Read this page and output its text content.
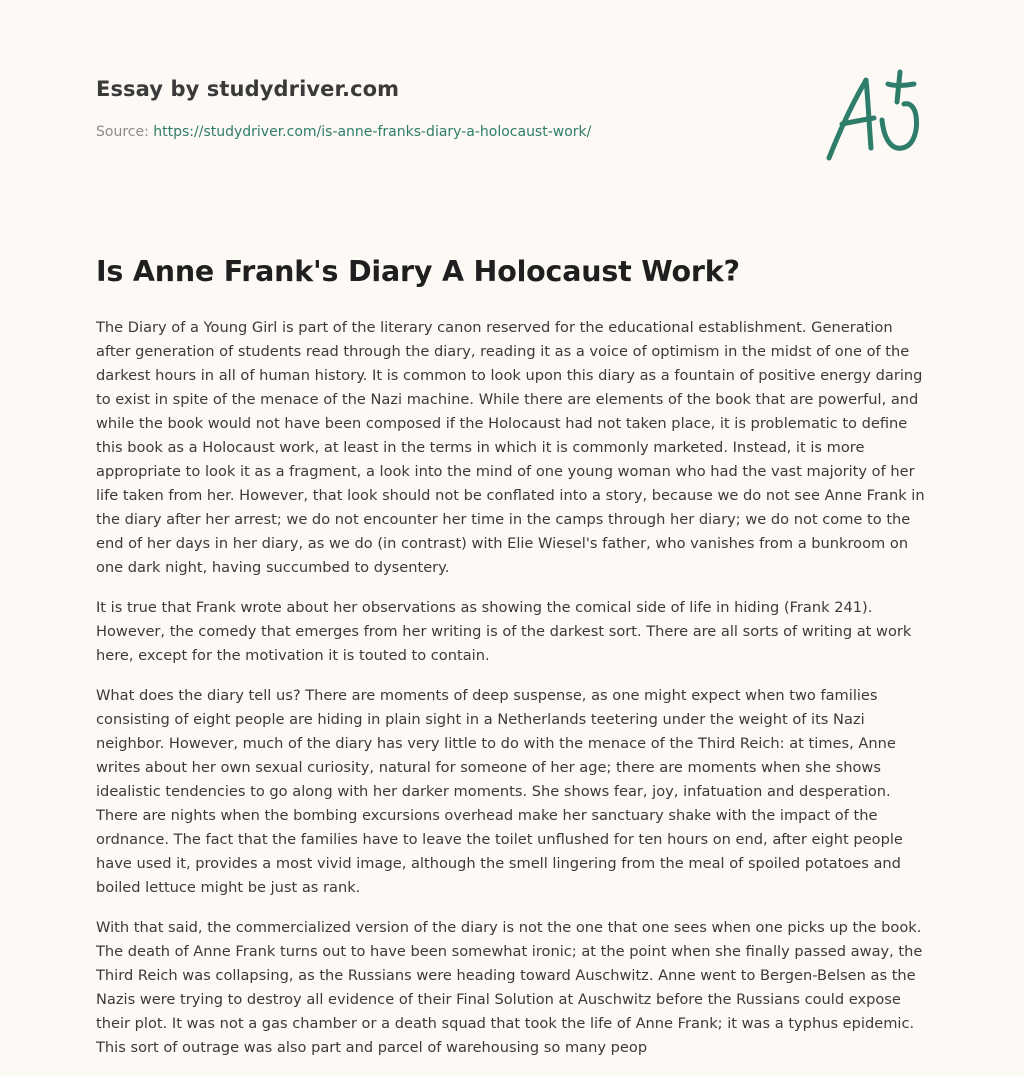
Essay by studydriver.com
Source: https://studydriver.com/is-anne-franks-diary-a-holocaust-work/
Is Anne Frank's Diary A Holocaust Work?

The Diary of a Young Girl is part of the literary canon reserved for the educational establishment. Generation after generation of students read through the diary, reading it as a voice of optimism in the midst of one of the darkest hours in all of human history. It is common to look upon this diary as a fountain of positive energy daring to exist in spite of the menace of the Nazi machine. While there are elements of the book that are powerful, and while the book would not have been composed if the Holocaust had not taken place, it is problematic to define this book as a Holocaust work, at least in the terms in which it is commonly marketed. Instead, it is more appropriate to look it as a fragment, a look into the mind of one young woman who had the vast majority of her life taken from her. However, that look should not be conflated into a story, because we do not see Anne Frank in the diary after her arrest; we do not encounter her time in the camps through her diary; we do not come to the end of her days in her diary, as we do (in contrast) with Elie Wiesel's father, who vanishes from a bunkroom on one dark night, having succumbed to dysentery.

It is true that Frank wrote about her observations as showing the comical side of life in hiding (Frank 241). However, the comedy that emerges from her writing is of the darkest sort. There are all sorts of writing at work here, except for the motivation it is touted to contain.

What does the diary tell us? There are moments of deep suspense, as one might expect when two families consisting of eight people are hiding in plain sight in a Netherlands teetering under the weight of its Nazi neighbor. However, much of the diary has very little to do with the menace of the Third Reich: at times, Anne writes about her own sexual curiosity, natural for someone of her age; there are moments when she shows idealistic tendencies to go along with her darker moments. She shows fear, joy, infatuation and desperation. There are nights when the bombing excursions overhead make her sanctuary shake with the impact of the ordnance. The fact that the families have to leave the toilet unflushed for ten hours on end, after eight people have used it, provides a most vivid image, although the smell lingering from the meal of spoiled potatoes and boiled lettuce might be just as rank.

With that said, the commercialized version of the diary is not the one that one sees when one picks up the book. The death of Anne Frank turns out to have been somewhat ironic; at the point when she finally passed away, the Third Reich was collapsing, as the Russians were heading toward Auschwitz. Anne went to Bergen-Belsen as the Nazis were trying to destroy all evidence of their Final Solution at Auschwitz before the Russians could expose their plot. It was not a gas chamber or a death squad that took the life of Anne Frank; it was a typhus epidemic. This sort of outrage was also part and parcel of warehousing so many peop
